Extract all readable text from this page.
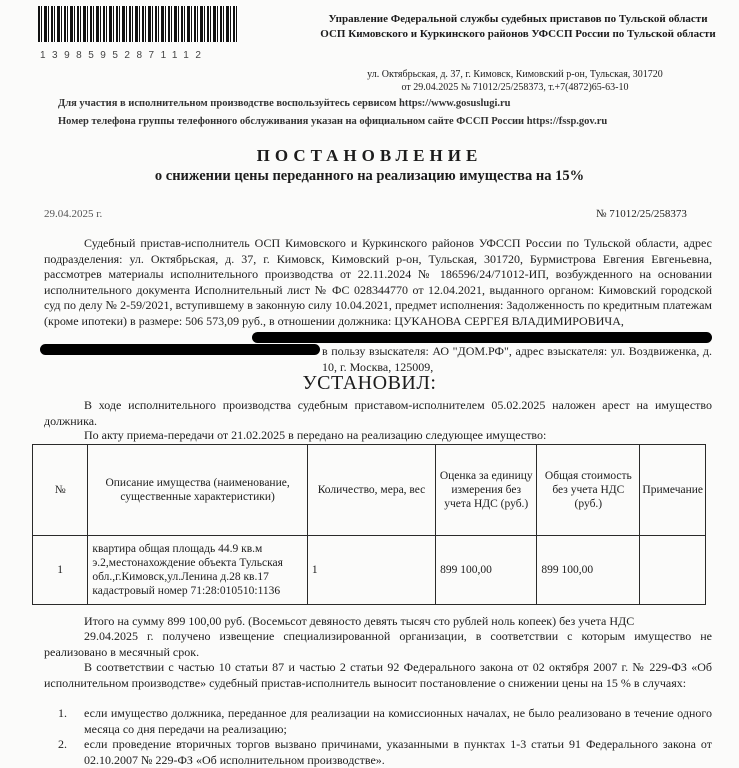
13985952871112
Управление Федеральной службы судебных приставов по Тульской области
ОСП Кимовского и Куркинского районов УФССП России по Тульской области
ул. Октябрьская, д. 37, г. Кимовск, Кимовский р-он, Тульская, 301720
от 29.04.2025 № 71012/25/258373, т.+7(4872)65-63-10
Для участия в исполнительном производстве воспользуйтесь сервисом https://www.gosuslugi.ru
Номер телефона группы телефонного обслуживания указан на официальном сайте ФССП России https://fssp.gov.ru
ПОСТАНОВЛЕНИЕ
о снижении цены переданного на реализацию имущества на 15%
29.04.2025 г.	№ 71012/25/258373
Судебный пристав-исполнитель ОСП Кимовского и Куркинского районов УФССП России по Тульской области, адрес подразделения: ул. Октябрьская, д. 37, г. Кимовск, Кимовский р-он, Тульская, 301720, Бурмистрова Евгения Евгеньевна, рассмотрев материалы исполнительного производства от 22.11.2024 № 186596/24/71012-ИП, возбужденного на основании исполнительного документа Исполнительный лист № ФС 028344770 от 12.04.2021, выданного органом: Кимовский городской суд по делу № 2-59/2021, вступившему в законную силу 10.04.2021, предмет исполнения: Задолженность по кредитным платежам (кроме ипотеки) в размере: 506 573,09 руб., в отношении должника: ЦУКАНОВА СЕРГЕЯ ВЛАДИМИРОВИЧА,
в пользу взыскателя: АО "ДОМ.РФ", адрес взыскателя: ул. Воздвиженка, д. 10, г. Москва, 125009,
УСТАНОВИЛ:
В ходе исполнительного производства судебным приставом-исполнителем 05.02.2025 наложен арест на имущество должника.
По акту приема-передачи от 21.02.2025 в передано на реализацию следующее имущество:
№	Описание имущества (наименование, существенные характеристики)	Количество, мера, вес	Оценка за единицу измерения без учета НДС (руб.)	Общая стоимость без учета НДС (руб.)	Примечание
1	квартира общая площадь 44.9 кв.м э.2,местонахождение объекта Тульская обл.,г.Кимовск,ул.Ленина д.28 кв.17 кадастровый номер 71:28:010510:1136	1	899 100,00	899 100,00	
Итого на сумму 899 100,00 руб. (Восемьсот девяносто девять тысяч сто рублей ноль копеек) без учета НДС
29.04.2025 г. получено извещение специализированной организации, в соответствии с которым имущество не реализовано в месячный срок.
В соответствии с частью 10 статьи 87 и частью 2 статьи 92 Федерального закона от 02 октября 2007 г. № 229-ФЗ «Об исполнительном производстве» судебный пристав-исполнитель выносит постановление о снижении цены на 15 % в случаях:
1. если имущество должника, переданное для реализации на комиссионных началах, не было реализовано в течение одного месяца со дня передачи на реализацию;
2. если проведение вторичных торгов вызвано причинами, указанными в пунктах 1-3 статьи 91 Федерального закона от 02.10.2007 № 229-ФЗ «Об исполнительном производстве».
